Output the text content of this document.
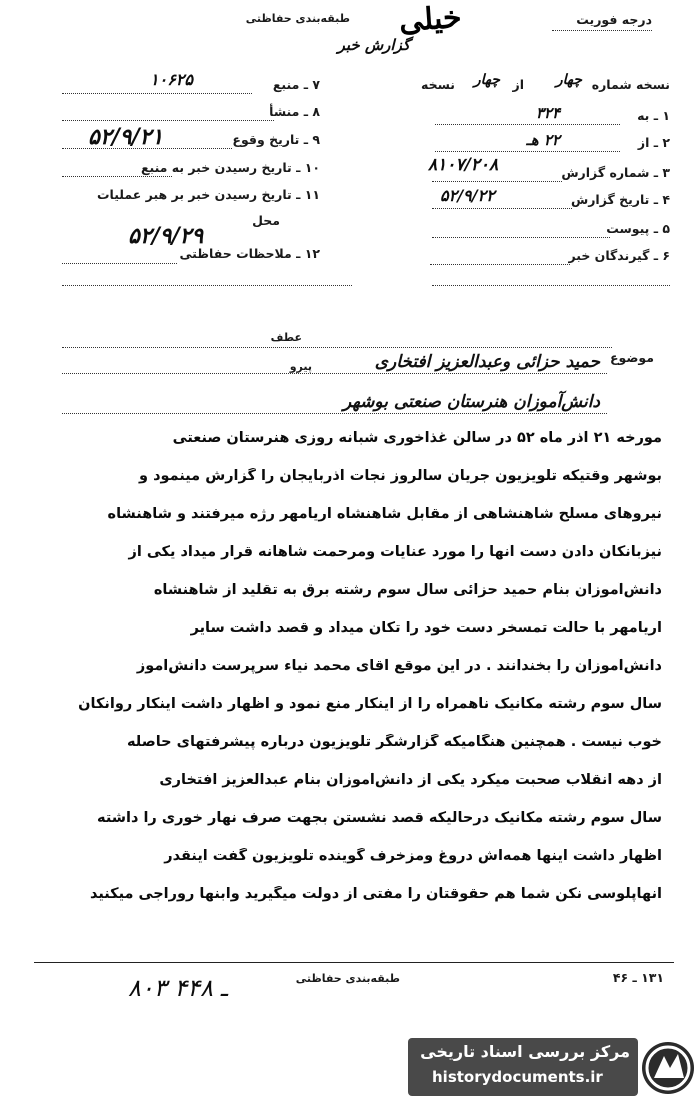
درجه فوریت
طبقه‌بندی حفاظتی خیلی
گزارش خبر
نسخه شماره
چهار
از
چهار
نسخه
۱ ـ به
۳۲۴
۲ ـ از
۲۲ هـ
۳ ـ شماره گزارش
۸۱۰۷/۲۰۸
۴ ـ تاریخ گزارش
۵۲/۹/۲۲
۵ ـ پیوست
۶ ـ گیرندگان خبر
۷ ـ منبع
۱۰۶۲۵
۸ ـ منشأ
۹ ـ تاریخ وقوع
۵۲/۹/۲۱
۱۰ ـ تاریخ رسیدن خبر به منبع
۱۱ ـ تاریخ رسیدن خبر بر هبر عملیات
محل
۵۲/۹/۲۹
۱۲ ـ ملاحظات حفاظتی
عطف
موضوع
پیرو	حمید حزائی وعبدالعزیز افتخاری
دانش‌آموزان هنرستان صنعتی بوشهر
مورخه ۲۱ آذر ماه ۵۲ در سالن غذاخوری شبانه روزی هنرستان صنعتی
بوشهر وقتیکه تلویزیون جریان سالروز نجات آذربایجان را گزارش مینمود و
نیروهای مسلح شاهنشاهی از مقابل شاهنشاه آریامهر رژه میرفتند و شاهنشاه
نیزبانکان دادن دست آنها را مورد عنایات ومرحمت شاهانه قرار میداد یکی از
دانش‌آموزان بنام حمید حزائی سال سوم رشته برق به تقلید از شاهنشاه
آریامهر با حالت تمسخر دست خود را تکان میداد و قصد داشت سایر
دانش‌آموزان را بخندانند . در این موقع آقای محمد نیاء سرپرست دانش‌آموز
سال سوم رشته مکانیک ناهمراه را از اینکار منع نمود و اظهار داشت اینکار روانکان
خوب نیست . همچنین هنگامیکه گزارشگر تلویزیون درباره پیشرفتهای حاصله
از دهه انقلاب صحبت میکرد یکی از دانش‌آموزان بنام عبدالعزیز افتخاری
سال سوم رشته مکانیک درحالیکه قصد نشستن بجهت صرف نهار خوری را داشته
اظهار داشت اینها همه‌اش دروغ ومزخرف گوینده تلویزیون گفت اینقدر
آنهاپلوسی نکن شما هم حقوقتان را مفتی از دولت میگیرید وابنها روراجی میکنید
طبقه‌بندی حفاظتی	۱۳۱ ـ ۴۶
۸۰۳ ـ ۴۴۸
مرکز بررسی اسناد تاریخی
historydocuments.ir
